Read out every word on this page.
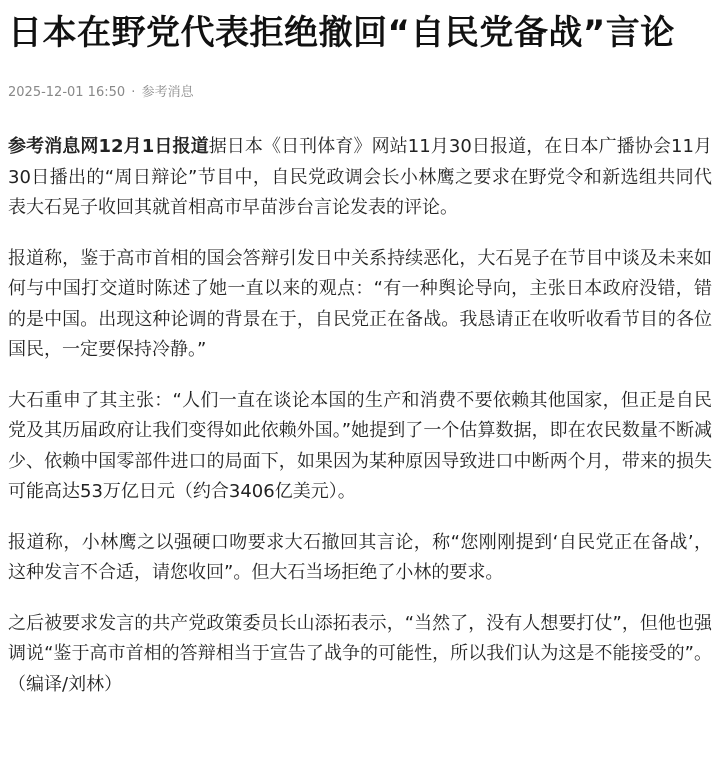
日本在野党代表拒绝撤回“自民党备战”言论
2025-12-01 16:50 · 参考消息

参考消息网12月1日报道据日本《日刊体育》网站11月30日报道，在日本广播协会11月30日播出的“周日辩论”节目中，自民党政调会长小林鹰之要求在野党令和新选组共同代表大石晃子收回其就首相高市早苗涉台言论发表的评论。

报道称，鉴于高市首相的国会答辩引发日中关系持续恶化，大石晃子在节目中谈及未来如何与中国打交道时陈述了她一直以来的观点：“有一种舆论导向，主张日本政府没错，错的是中国。出现这种论调的背景在于，自民党正在备战。我恳请正在收听收看节目的各位国民，一定要保持冷静。”

大石重申了其主张：“人们一直在谈论本国的生产和消费不要依赖其他国家，但正是自民党及其历届政府让我们变得如此依赖外国。”她提到了一个估算数据，即在农民数量不断减少、依赖中国零部件进口的局面下，如果因为某种原因导致进口中断两个月，带来的损失可能高达53万亿日元（约合3406亿美元）。

报道称，小林鹰之以强硬口吻要求大石撤回其言论，称“您刚刚提到‘自民党正在备战’，这种发言不合适，请您收回”。但大石当场拒绝了小林的要求。

之后被要求发言的共产党政策委员长山添拓表示，“当然了，没有人想要打仗”，但他也强调说“鉴于高市首相的答辩相当于宣告了战争的可能性，所以我们认为这是不能接受的”。（编译/刘林）
